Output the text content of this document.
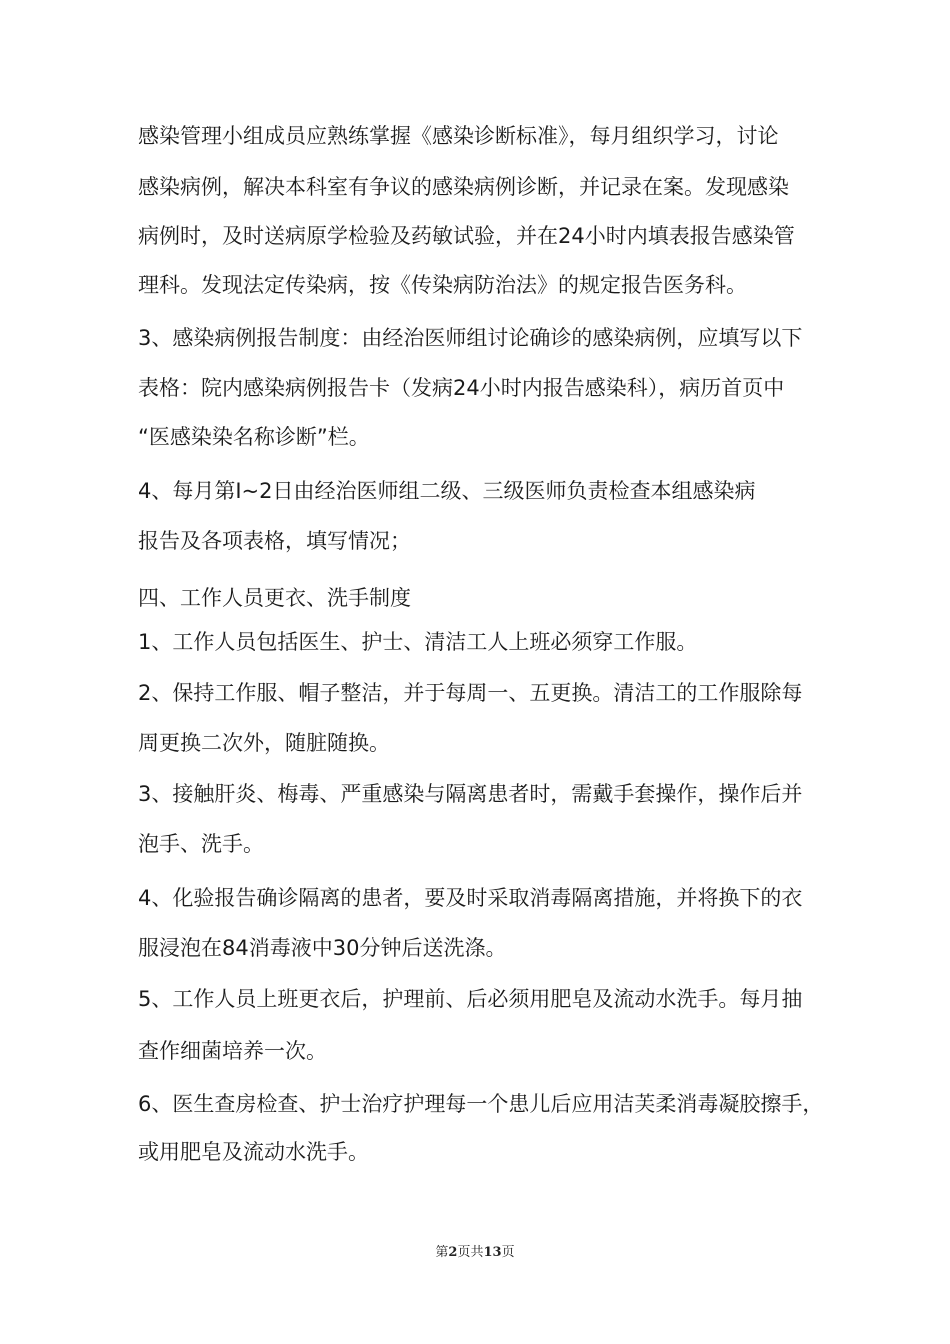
感染管理小组成员应熟练掌握《感染诊断标准》，每月组织学习，讨论
感染病例，解决本科室有争议的感染病例诊断，并记录在案。发现感染
病例时，及时送病原学检验及药敏试验，并在24小时内填表报告感染管
理科。发现法定传染病，按《传染病防治法》的规定报告医务科。
3、感染病例报告制度：由经治医师组讨论确诊的感染病例，应填写以下
表格：院内感染病例报告卡（发病24小时内报告感染科），病历首页中
“医感染染名称诊断”栏。
4、每月第Ⅰ~2日由经治医师组二级、三级医师负责检查本组感染病
报告及各项表格，填写情况；
四、工作人员更衣、洗手制度
1、工作人员包括医生、护士、清洁工人上班必须穿工作服。
2、保持工作服、帽子整洁，并于每周一、五更换。清洁工的工作服除每
周更换二次外，随脏随换。
3、接触肝炎、梅毒、严重感染与隔离患者时，需戴手套操作，操作后并
泡手、洗手。
4、化验报告确诊隔离的患者，要及时采取消毒隔离措施，并将换下的衣
服浸泡在84消毒液中30分钟后送洗涤。
5、工作人员上班更衣后，护理前、后必须用肥皂及流动水洗手。每月抽
查作细菌培养一次。
6、医生查房检查、护士治疗护理每一个患儿后应用洁芙柔消毒凝胶擦手，
或用肥皂及流动水洗手。
第2页共13页
